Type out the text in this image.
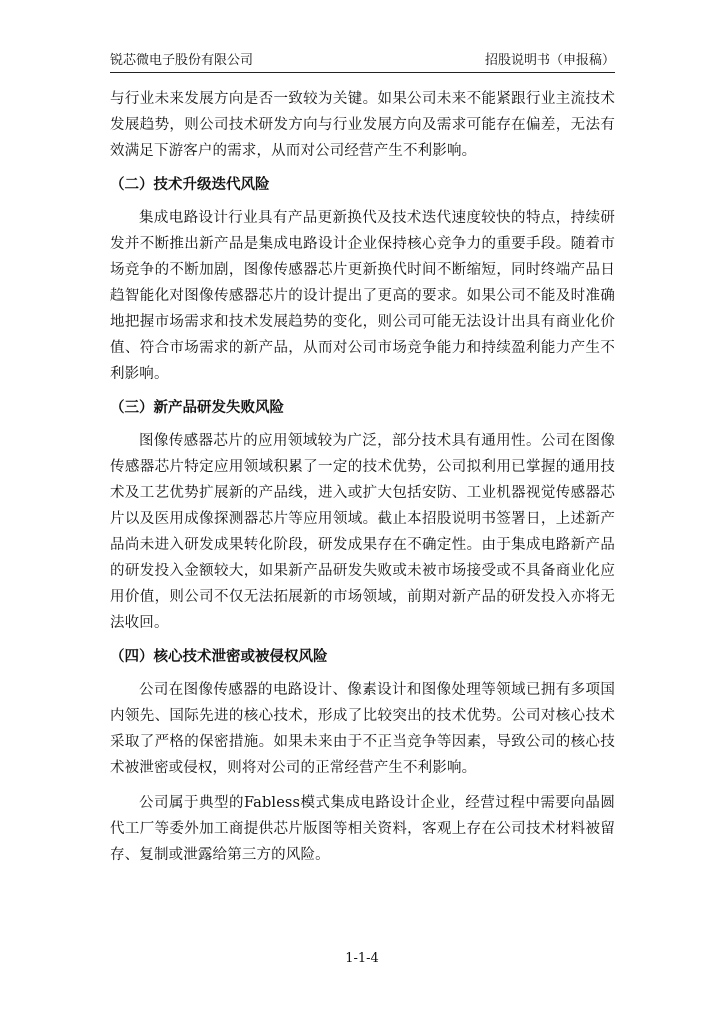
锐芯微电子股份有限公司	招股说明书（申报稿）

与行业未来发展方向是否一致较为关键。如果公司未来不能紧跟行业主流技术发展趋势，则公司技术研发方向与行业发展方向及需求可能存在偏差，无法有效满足下游客户的需求，从而对公司经营产生不利影响。

（二）技术升级迭代风险

集成电路设计行业具有产品更新换代及技术迭代速度较快的特点，持续研发并不断推出新产品是集成电路设计企业保持核心竞争力的重要手段。随着市场竞争的不断加剧，图像传感器芯片更新换代时间不断缩短，同时终端产品日趋智能化对图像传感器芯片的设计提出了更高的要求。如果公司不能及时准确地把握市场需求和技术发展趋势的变化，则公司可能无法设计出具有商业化价值、符合市场需求的新产品，从而对公司市场竞争能力和持续盈利能力产生不利影响。

（三）新产品研发失败风险

图像传感器芯片的应用领域较为广泛，部分技术具有通用性。公司在图像传感器芯片特定应用领域积累了一定的技术优势，公司拟利用已掌握的通用技术及工艺优势扩展新的产品线，进入或扩大包括安防、工业机器视觉传感器芯片以及医用成像探测器芯片等应用领域。截止本招股说明书签署日，上述新产品尚未进入研发成果转化阶段，研发成果存在不确定性。由于集成电路新产品的研发投入金额较大，如果新产品研发失败或未被市场接受或不具备商业化应用价值，则公司不仅无法拓展新的市场领域，前期对新产品的研发投入亦将无法收回。

（四）核心技术泄密或被侵权风险

公司在图像传感器的电路设计、像素设计和图像处理等领域已拥有多项国内领先、国际先进的核心技术，形成了比较突出的技术优势。公司对核心技术采取了严格的保密措施。如果未来由于不正当竞争等因素，导致公司的核心技术被泄密或侵权，则将对公司的正常经营产生不利影响。

公司属于典型的Fabless模式集成电路设计企业，经营过程中需要向晶圆代工厂等委外加工商提供芯片版图等相关资料，客观上存在公司技术材料被留存、复制或泄露给第三方的风险。

1-1-4
